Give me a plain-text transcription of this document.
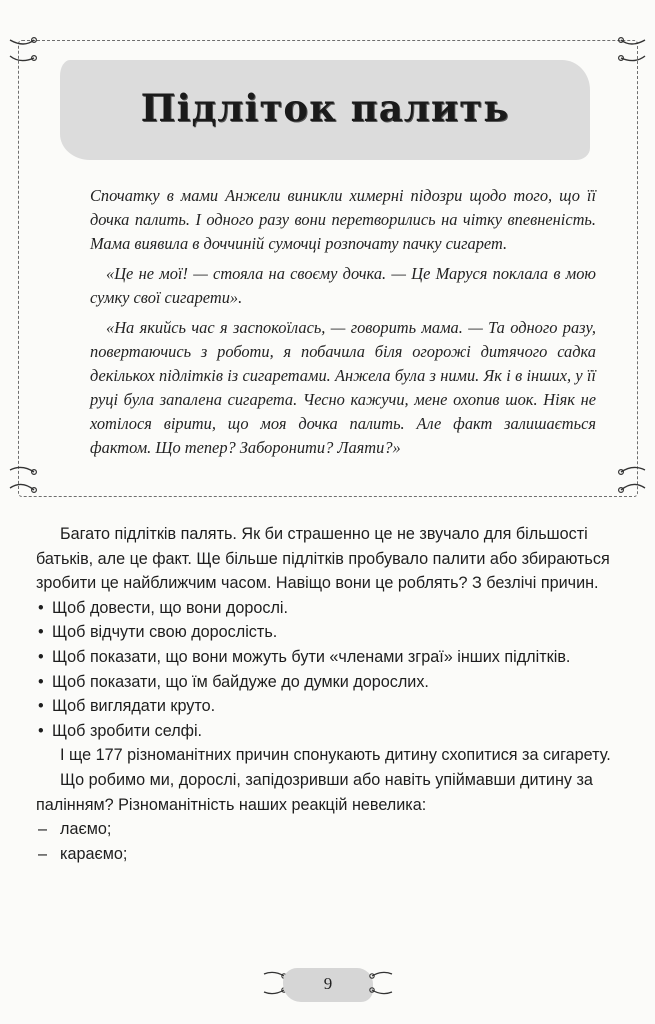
Підліток палить

Спочатку в мами Анжели виникли химерні підозри щодо того, що її дочка палить. І одного разу вони перетворились на чітку впевненість. Мама виявила в доччиній сумочці розпочату пачку сигарет.

«Це не мої! — стояла на своєму дочка. — Це Маруся поклала в мою сумку свої сигарети».

«На якийсь час я заспокоїлась, — говорить мама. — Та одного разу, повертаючись з роботи, я побачила біля огорожі дитячого садка декількох підлітків із сигаретами. Анжела була з ними. Як і в інших, у її руці була запалена сигарета. Чесно кажучи, мене охопив шок. Ніяк не хотілося вірити, що моя дочка палить. Але факт залишається фактом. Що тепер? Заборонити? Лаяти?»

Багато підлітків палять. Як би страшенно це не звучало для більшості батьків, але це факт. Ще більше підлітків пробувало палити або збираються зробити це найближчим часом. Навіщо вони це роблять? З безлічі причин.

• Щоб довести, що вони дорослі.
• Щоб відчути свою дорослість.
• Щоб показати, що вони можуть бути «членами зграї» інших підлітків.
• Щоб показати, що їм байдуже до думки дорослих.
• Щоб виглядати круто.
• Щоб зробити селфі.

І ще 177 різноманітних причин спонукають дитину схопитися за сигарету.

Що робимо ми, дорослі, запідозривши або навіть упіймавши дитину за палінням? Різноманітність наших реакцій невелика:

– лаємо;
– караємо;
9
